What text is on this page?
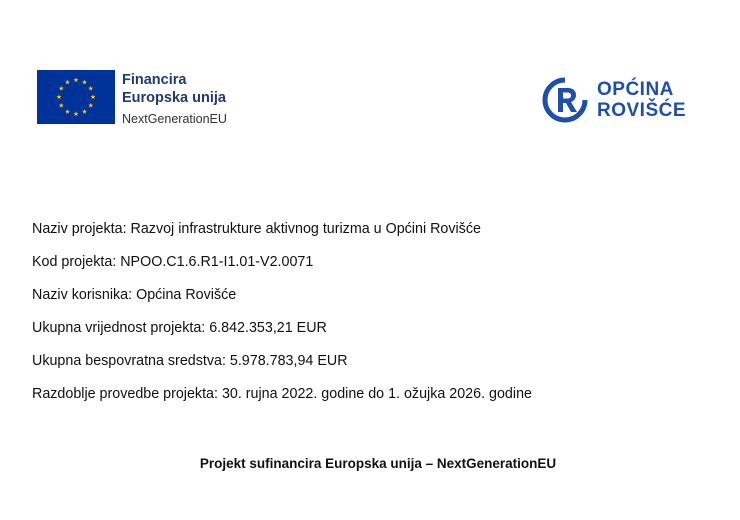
Financira
Europska unija
NextGenerationEU
OPĆINA
ROVIŠĆE
Naziv projekta: Razvoj infrastrukture aktivnog turizma u Općini Rovišće
Kod projekta: NPOO.C1.6.R1-I1.01-V2.0071
Naziv korisnika: Općina Rovišće
Ukupna vrijednost projekta: 6.842.353,21 EUR
Ukupna bespovratna sredstva: 5.978.783,94 EUR
Razdoblje provedbe projekta: 30. rujna 2022. godine do 1. ožujka 2026. godine
Projekt sufinancira Europska unija – NextGenerationEU
